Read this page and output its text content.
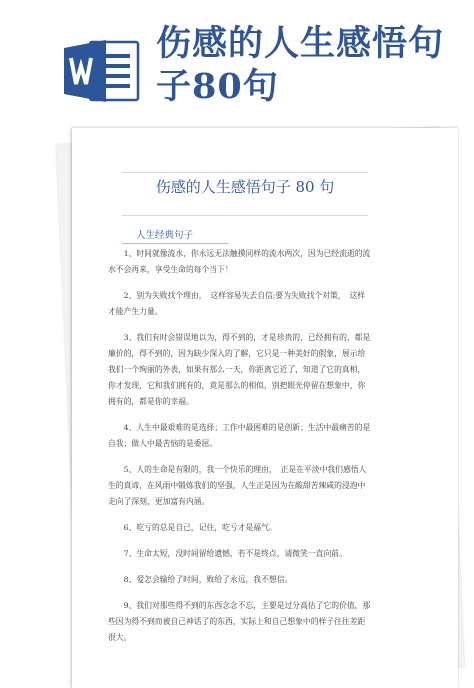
伤感的人生感悟句
子80句
伤感的人生感悟句子 80 句
人生经典句子

1、时间就像流水，你永远无法触摸同样的流水两次，因为已经流逝的流水不会再来，享受生命的每个当下！

2、别为失败找个理由，　这样容易失去自信;要为失败找个对策，　这样才能产生力量。

3、我们有时会错误地以为，得不到的，才是珍贵的，已经拥有的，都是廉价的，得不到的，因为缺少深入的了解，它只是一种美好的假象，展示给我们一个绚丽的外表，如果有那么一天，你距离它近了，知道了它的真相，你才发现，它和我们拥有的，竟是那么的相似，别把眼光停留在想象中，你拥有的，都是你的幸福。

4、人生中最艰难的是选择；工作中最困难的是创新；生活中最痛苦的是自我；做人中最苦恼的是委屈。

5、人的生命是有限的，我一个快乐的理由，　正是在平淡中我们感悟人生的真谛，在风雨中锻炼我们的坚强，人生正是因为在酸甜苦辣咸的浸泡中走向了深刻，更加富有内涵。

6、吃亏的总是自己，记住，吃亏才是福气。

7、生命太短，没时间留给遗憾，若不是终点，请微笑一直向前。

8、爱怎会输给了时间，败给了永远，我不想信。

9、我们对那些得不到的东西念念不忘，主要是过分高估了它的价值，那些因为得不到而被自己神话了的东西，实际上和自己想象中的样子往往差距很大。
